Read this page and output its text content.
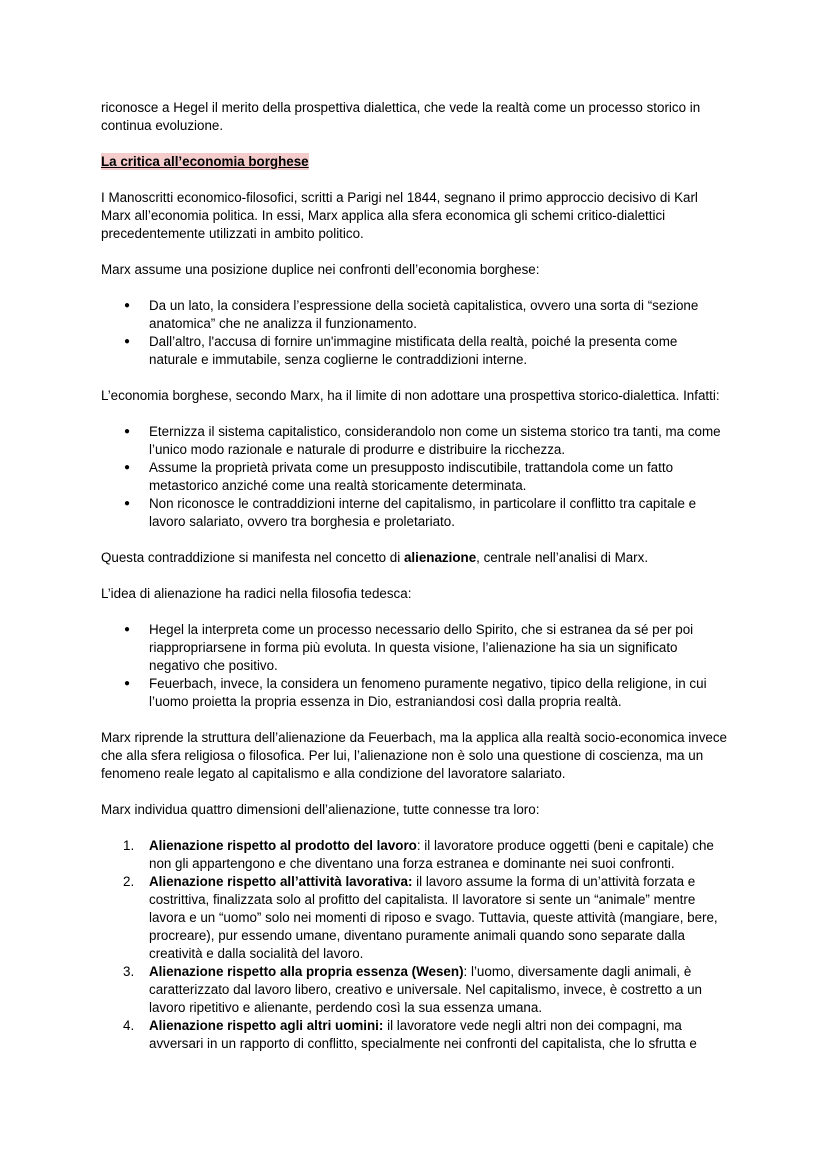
riconosce a Hegel il merito della prospettiva dialettica, che vede la realtà come un processo storico in continua evoluzione.

La critica all’economia borghese

I Manoscritti economico-filosofici, scritti a Parigi nel 1844, segnano il primo approccio decisivo di Karl Marx all’economia politica. In essi, Marx applica alla sfera economica gli schemi critico-dialettici precedentemente utilizzati in ambito politico.

Marx assume una posizione duplice nei confronti dell’economia borghese:

● Da un lato, la considera l’espressione della società capitalistica, ovvero una sorta di “sezione anatomica” che ne analizza il funzionamento.
● Dall’altro, l'accusa di fornire un'immagine mistificata della realtà, poiché la presenta come naturale e immutabile, senza coglierne le contraddizioni interne.

L’economia borghese, secondo Marx, ha il limite di non adottare una prospettiva storico-dialettica. Infatti:

● Eternizza il sistema capitalistico, considerandolo non come un sistema storico tra tanti, ma come l’unico modo razionale e naturale di produrre e distribuire la ricchezza.
● Assume la proprietà privata come un presupposto indiscutibile, trattandola come un fatto metastorico anziché come una realtà storicamente determinata.
● Non riconosce le contraddizioni interne del capitalismo, in particolare il conflitto tra capitale e lavoro salariato, ovvero tra borghesia e proletariato.

Questa contraddizione si manifesta nel concetto di alienazione, centrale nell’analisi di Marx.

L’idea di alienazione ha radici nella filosofia tedesca:

● Hegel la interpreta come un processo necessario dello Spirito, che si estranea da sé per poi riappropriarsene in forma più evoluta. In questa visione, l’alienazione ha sia un significato negativo che positivo.
● Feuerbach, invece, la considera un fenomeno puramente negativo, tipico della religione, in cui l’uomo proietta la propria essenza in Dio, estraniandosi così dalla propria realtà.

Marx riprende la struttura dell’alienazione da Feuerbach, ma la applica alla realtà socio-economica invece che alla sfera religiosa o filosofica. Per lui, l’alienazione non è solo una questione di coscienza, ma un fenomeno reale legato al capitalismo e alla condizione del lavoratore salariato.

Marx individua quattro dimensioni dell’alienazione, tutte connesse tra loro:

1. Alienazione rispetto al prodotto del lavoro: il lavoratore produce oggetti (beni e capitale) che non gli appartengono e che diventano una forza estranea e dominante nei suoi confronti.
2. Alienazione rispetto all’attività lavorativa: il lavoro assume la forma di un’attività forzata e costrittiva, finalizzata solo al profitto del capitalista. Il lavoratore si sente un “animale” mentre lavora e un “uomo” solo nei momenti di riposo e svago. Tuttavia, queste attività (mangiare, bere, procreare), pur essendo umane, diventano puramente animali quando sono separate dalla creatività e dalla socialità del lavoro.
3. Alienazione rispetto alla propria essenza (Wesen): l’uomo, diversamente dagli animali, è caratterizzato dal lavoro libero, creativo e universale. Nel capitalismo, invece, è costretto a un lavoro ripetitivo e alienante, perdendo così la sua essenza umana.
4. Alienazione rispetto agli altri uomini: il lavoratore vede negli altri non dei compagni, ma avversari in un rapporto di conflitto, specialmente nei confronti del capitalista, che lo sfrutta e
